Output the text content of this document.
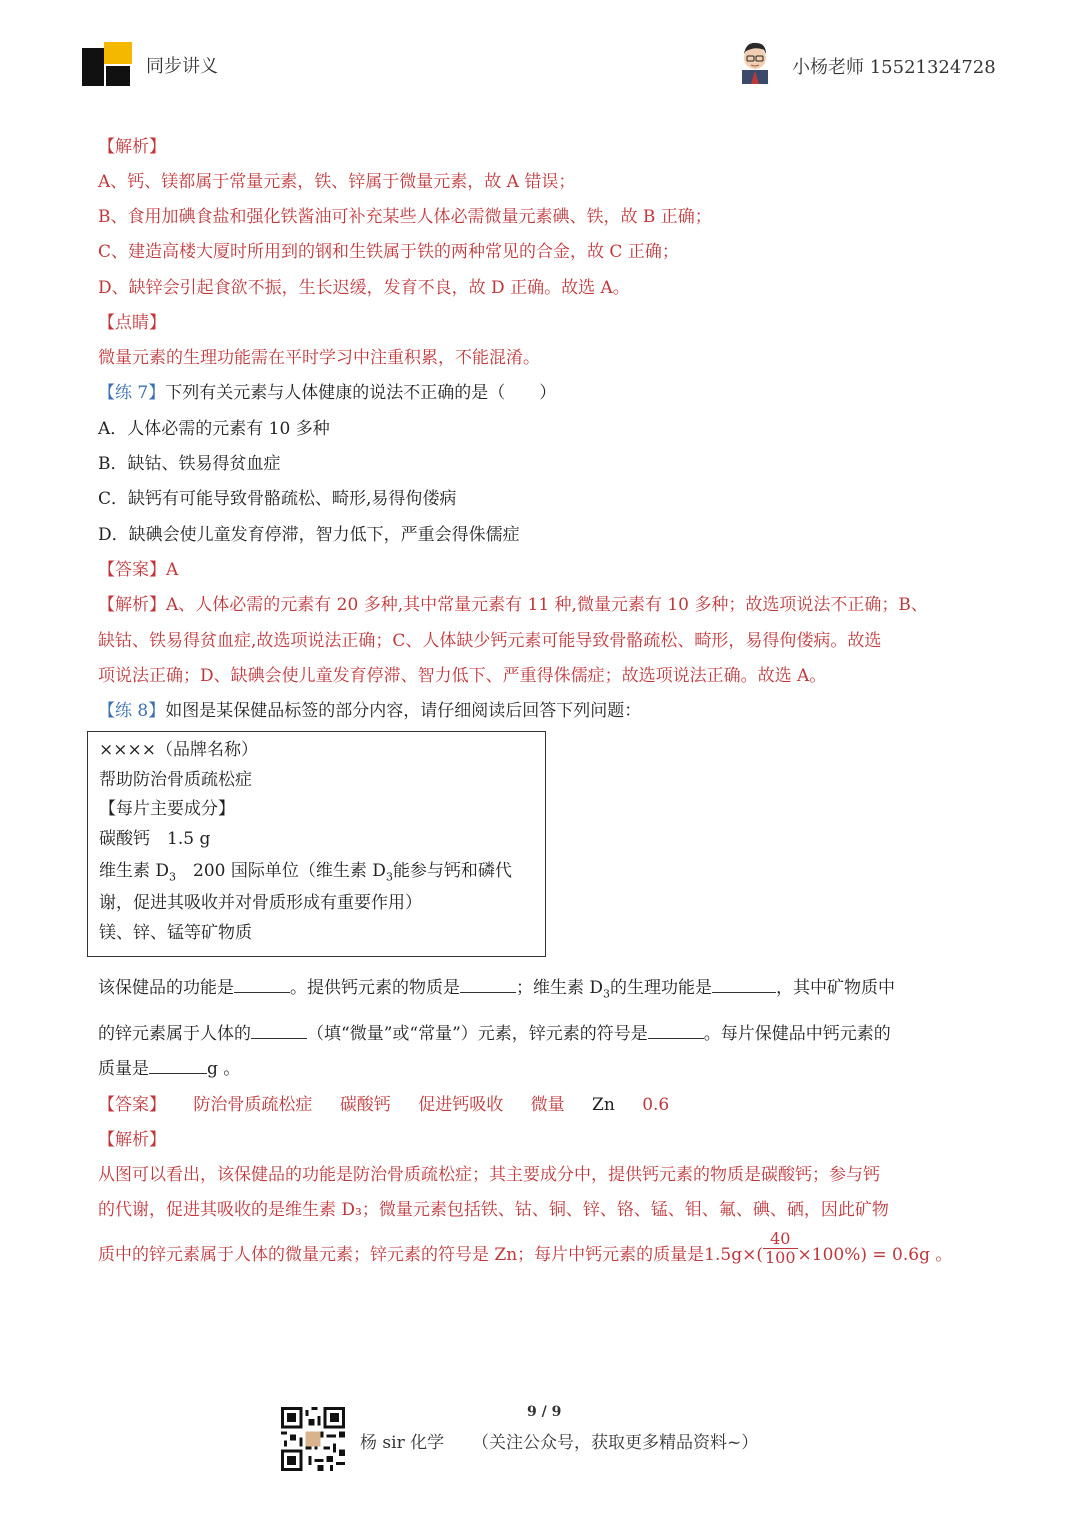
同步讲义	小杨老师 15521324728
【解析】
A、钙、镁都属于常量元素，铁、锌属于微量元素，故 A 错误；
B、食用加碘食盐和强化铁酱油可补充某些人体必需微量元素碘、铁，故 B 正确；
C、建造高楼大厦时所用到的钢和生铁属于铁的两种常见的合金，故 C 正确；
D、缺锌会引起食欲不振，生长迟缓，发育不良，故 D 正确。故选 A。
【点睛】
微量元素的生理功能需在平时学习中注重积累，不能混淆。
【练 7】下列有关元素与人体健康的说法不正确的是（　　）
A．人体必需的元素有 10 多种
B．缺钴、铁易得贫血症
C．缺钙有可能导致骨骼疏松、畸形,易得佝偻病
D．缺碘会使儿童发育停滞，智力低下，严重会得侏儒症
【答案】A
【解析】A、人体必需的元素有 20 多种,其中常量元素有 11 种,微量元素有 10 多种；故选项说法不正确；B、
缺钴、铁易得贫血症,故选项说法正确；C、人体缺少钙元素可能导致骨骼疏松、畸形，易得佝偻病。故选
项说法正确；D、缺碘会使儿童发育停滞、智力低下、严重得侏儒症；故选项说法正确。故选 A。
【练 8】如图是某保健品标签的部分内容，请仔细阅读后回答下列问题：
××××（品牌名称）
帮助防治骨质疏松症
【每片主要成分】
碳酸钙　1.5 g
维生素 $D_3$　200 国际单位（维生素 $D_3$能参与钙和磷代
谢，促进其吸收并对骨质形成有重要作用）
镁、锌、锰等矿物质
该保健品的功能是	。提供钙元素的物质是	；维生素 $D_3$的生理功能是	，其中矿物质中
的锌元素属于人体的	（填“微量”或“常量”）元素，锌元素的符号是	。每片保健品中钙元素的
质量是	g 。
【答案】 防治骨质疏松症 碳酸钙 促进钙吸收 微量 Zn 0.6
【解析】
从图可以看出，该保健品的功能是防治骨质疏松症；其主要成分中，提供钙元素的物质是碳酸钙；参与钙
的代谢，促进其吸收的是维生素 D₃；微量元素包括铁、钴、铜、锌、铬、锰、钼、氟、碘、硒，因此矿物
质中的锌元素属于人体的微量元素；锌元素的符号是 Zn；每片中钙元素的质量是$1.5g\times( \frac{40}{100} \times 100\%) = 0.6g$ 。
9 / 9
杨 sir 化学 （关注公众号，获取更多精品资料~）
